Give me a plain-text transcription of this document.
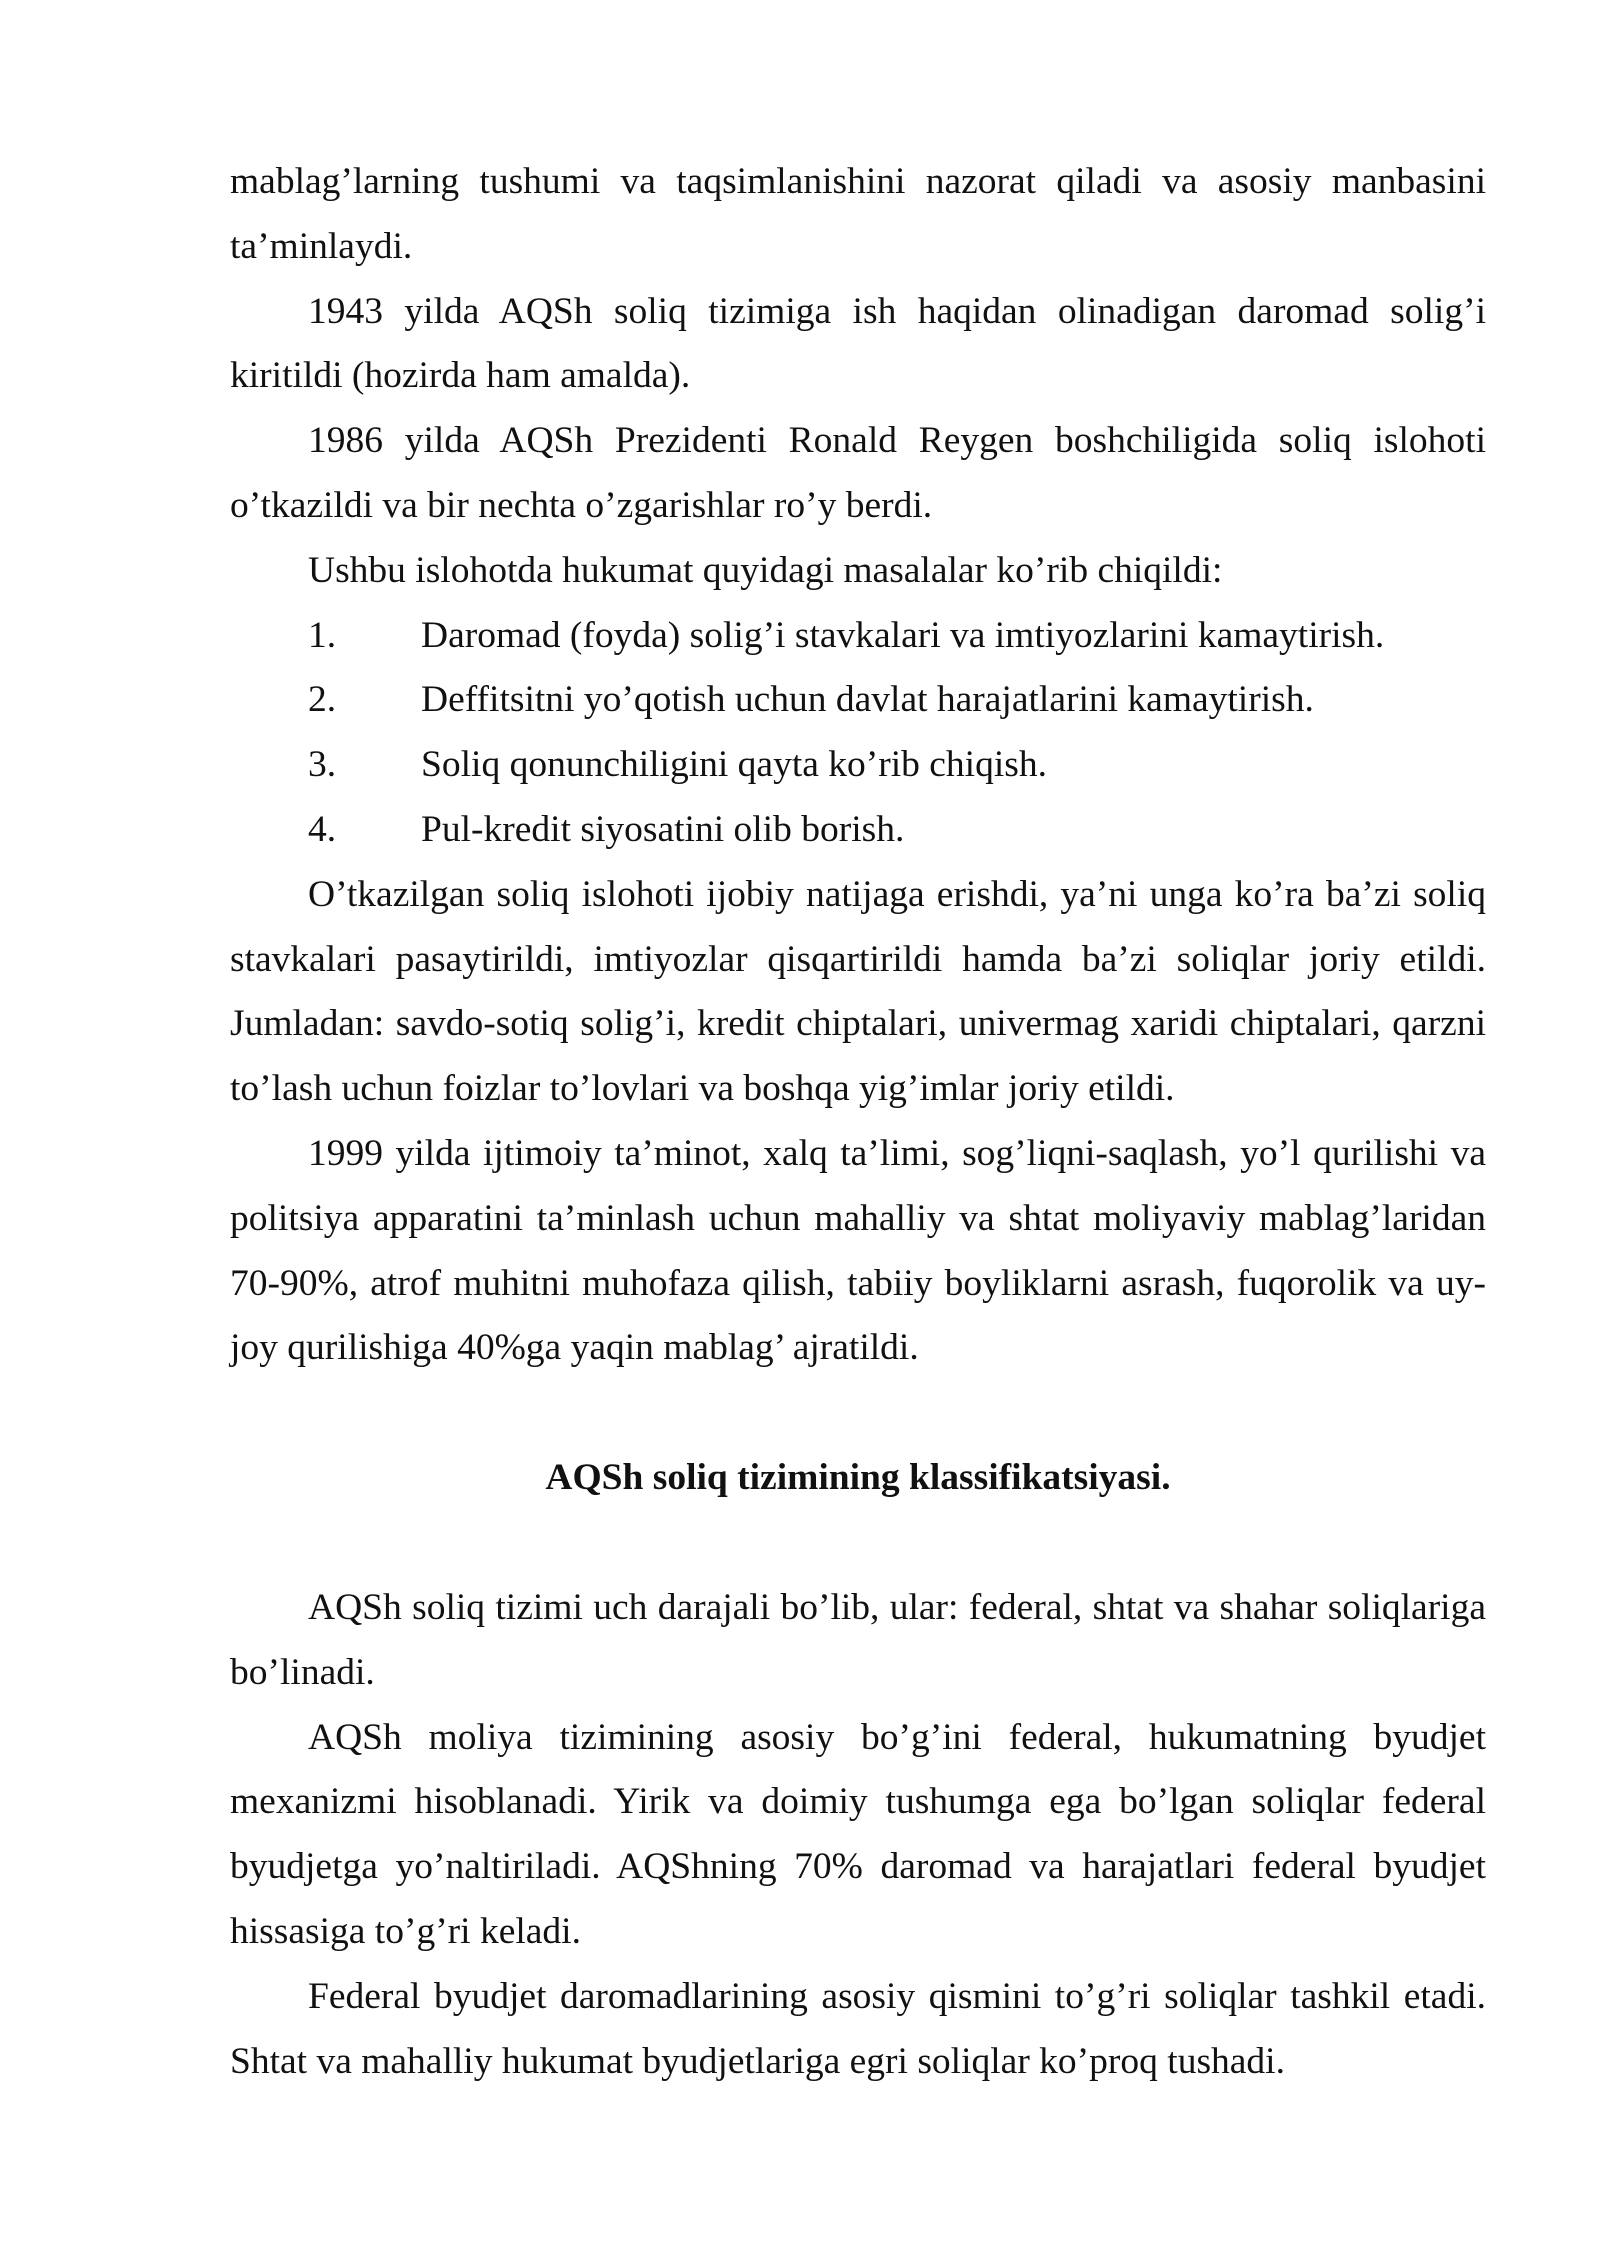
mablag’larning tushumi va taqsimlanishini nazorat qiladi va asosiy manbasini ta’minlaydi.

1943 yilda AQSh soliq tizimiga ish haqidan olinadigan daromad solig’i kiritildi (hozirda ham amalda).

1986 yilda AQSh Prezidenti Ronald Reygen boshchiligida soliq islohoti o’tkazildi va bir nechta o’zgarishlar ro’y berdi.

Ushbu islohotda hukumat quyidagi masalalar ko’rib chiqildi:

1.	Daromad (foyda) solig’i stavkalari va imtiyozlarini kamaytirish.
2.	Deffitsitni yo’qotish uchun davlat harajatlarini kamaytirish.
3.	Soliq qonunchiligini qayta ko’rib chiqish.
4.	Pul-kredit siyosatini olib borish.

O’tkazilgan soliq islohoti ijobiy natijaga erishdi, ya’ni unga ko’ra ba’zi soliq stavkalari pasaytirildi, imtiyozlar qisqartirildi hamda ba’zi soliqlar joriy etildi. Jumladan: savdo-sotiq solig’i, kredit chiptalari, univermag xaridi chiptalari, qarzni to’lash uchun foizlar to’lovlari va boshqa yig’imlar joriy etildi.

1999 yilda ijtimoiy ta’minot, xalq ta’limi, sog’liqni-saqlash, yo’l qurilishi va politsiya apparatini ta’minlash uchun mahalliy va shtat moliyaviy mablag’laridan 70-90%, atrof muhitni muhofaza qilish, tabiiy boyliklarni asrash, fuqorolik va uy-joy qurilishiga 40%ga yaqin mablag’ ajratildi.

AQSh soliq tizimining klassifikatsiyasi.

AQSh soliq tizimi uch darajali bo’lib, ular: federal, shtat va shahar soliqlariga bo’linadi.

AQSh moliya tizimining asosiy bo’g’ini federal, hukumatning byudjet mexanizmi hisoblanadi. Yirik va doimiy tushumga ega bo’lgan soliqlar federal byudjetga yo’naltiriladi. AQShning 70% daromad va harajatlari federal byudjet hissasiga to’g’ri keladi.

Federal byudjet daromadlarining asosiy qismini to’g’ri soliqlar tashkil etadi. Shtat va mahalliy hukumat byudjetlariga egri soliqlar ko’proq tushadi.
